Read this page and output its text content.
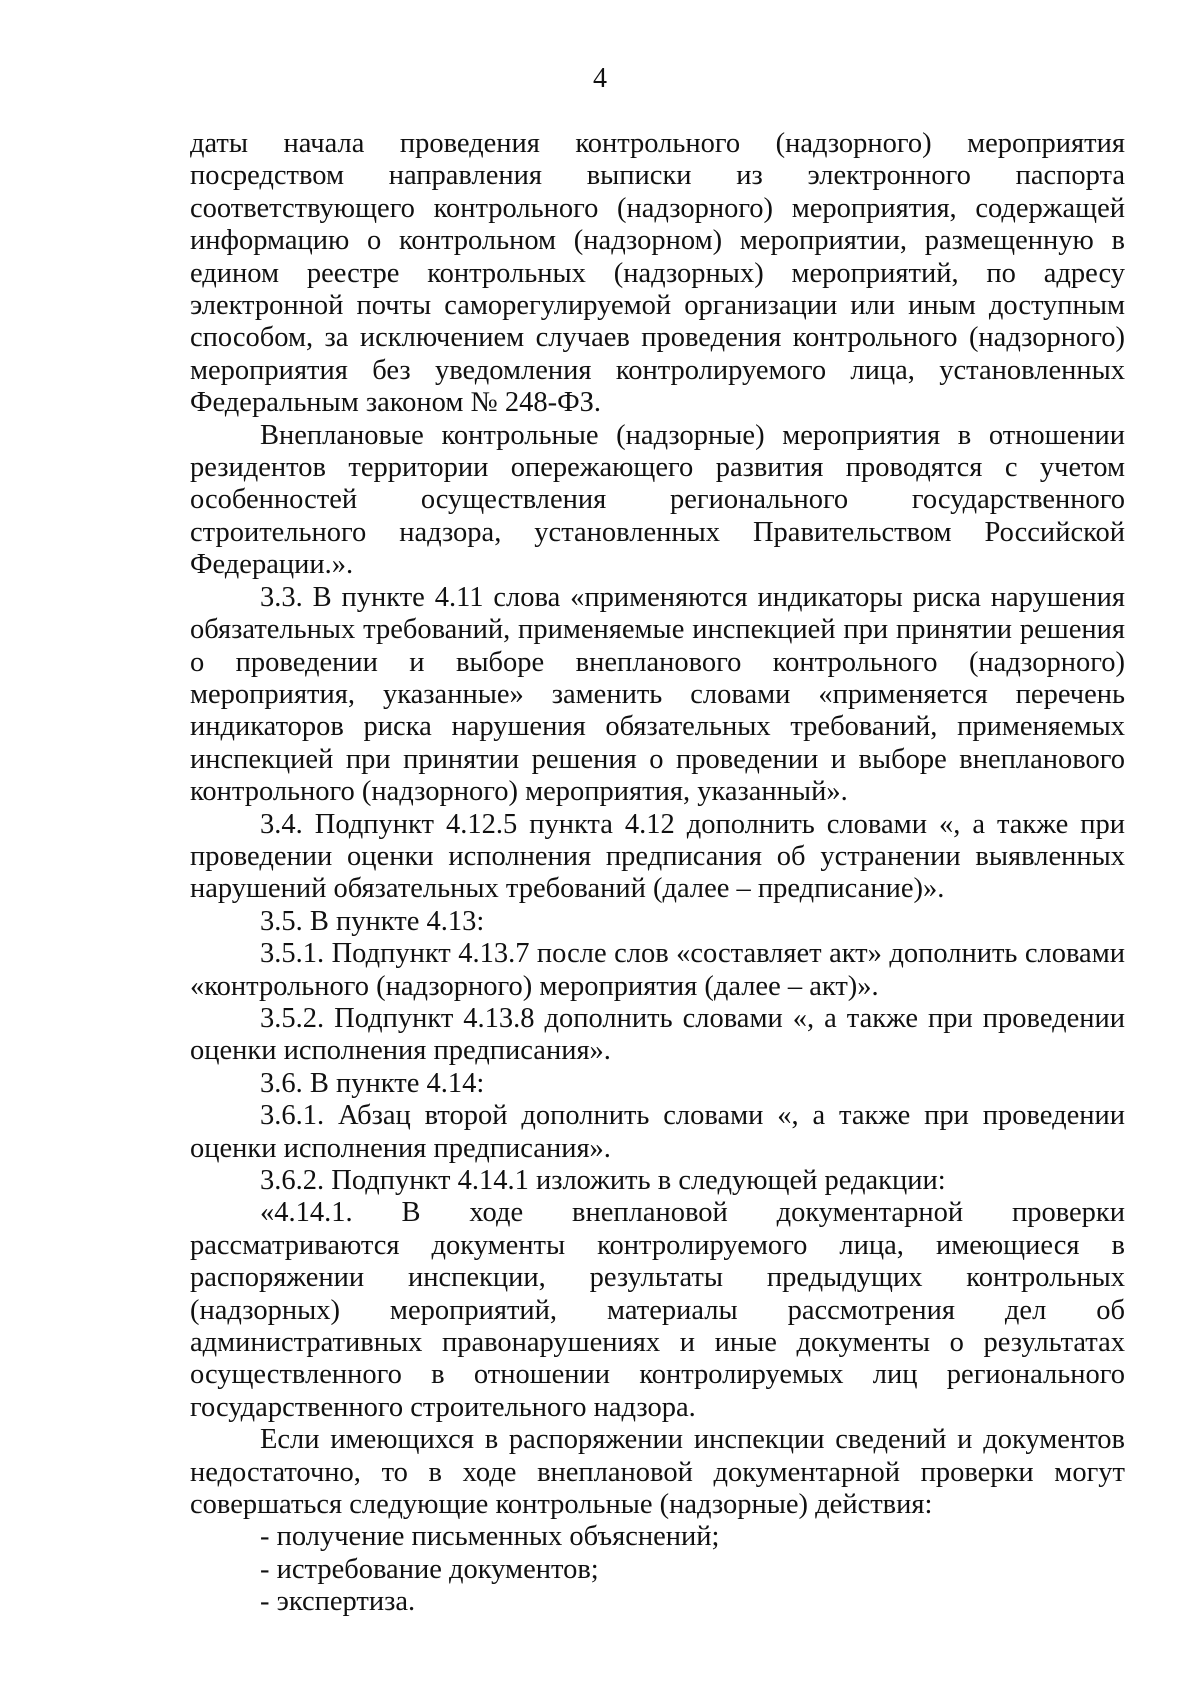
4

даты начала проведения контрольного (надзорного) мероприятия посредством направления выписки из электронного паспорта соответствующего контрольного (надзорного) мероприятия, содержащей информацию о контрольном (надзорном) мероприятии, размещенную в едином реестре контрольных (надзорных) мероприятий, по адресу электронной почты саморегулируемой организации или иным доступным способом, за исключением случаев проведения контрольного (надзорного) мероприятия без уведомления контролируемого лица, установленных Федеральным законом № 248-ФЗ.

Внеплановые контрольные (надзорные) мероприятия в отношении резидентов территории опережающего развития проводятся с учетом особенностей осуществления регионального государственного строительного надзора, установленных Правительством Российской Федерации.».

3.3. В пункте 4.11 слова «применяются индикаторы риска нарушения обязательных требований, применяемые инспекцией при принятии решения о проведении и выборе внепланового контрольного (надзорного) мероприятия, указанные» заменить словами «применяется перечень индикаторов риска нарушения обязательных требований, применяемых инспекцией при принятии решения о проведении и выборе внепланового контрольного (надзорного) мероприятия, указанный».

3.4. Подпункт 4.12.5 пункта 4.12 дополнить словами «, а также при проведении оценки исполнения предписания об устранении выявленных нарушений обязательных требований (далее – предписание)».

3.5. В пункте 4.13:

3.5.1. Подпункт 4.13.7 после слов «составляет акт» дополнить словами «контрольного (надзорного) мероприятия (далее – акт)».

3.5.2. Подпункт 4.13.8 дополнить словами «, а также при проведении оценки исполнения предписания».

3.6. В пункте 4.14:

3.6.1. Абзац второй дополнить словами «, а также при проведении оценки исполнения предписания».

3.6.2. Подпункт 4.14.1 изложить в следующей редакции:

«4.14.1. В ходе внеплановой документарной проверки рассматриваются документы контролируемого лица, имеющиеся в распоряжении инспекции, результаты предыдущих контрольных (надзорных) мероприятий, материалы рассмотрения дел об административных правонарушениях и иные документы о результатах осуществленного в отношении контролируемых лиц регионального государственного строительного надзора.

Если имеющихся в распоряжении инспекции сведений и документов недостаточно, то в ходе внеплановой документарной проверки могут совершаться следующие контрольные (надзорные) действия:

- получение письменных объяснений;

- истребование документов;

- экспертиза.
